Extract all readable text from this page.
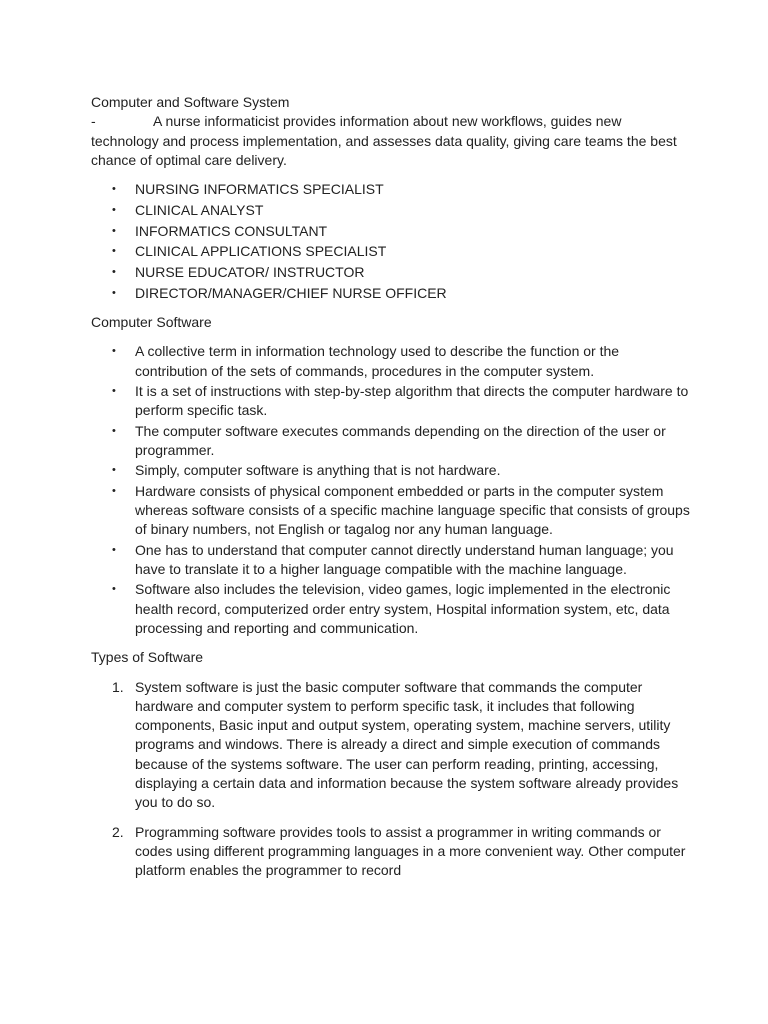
Computer and Software System

-	A nurse informaticist provides information about new workflows, guides new technology and process implementation, and assesses data quality, giving care teams the best chance of optimal care delivery.

• NURSING INFORMATICS SPECIALIST
• CLINICAL ANALYST
• INFORMATICS CONSULTANT
• CLINICAL APPLICATIONS SPECIALIST
• NURSE EDUCATOR/ INSTRUCTOR
• DIRECTOR/MANAGER/CHIEF NURSE OFFICER

Computer Software

• A collective term in information technology used to describe the function or the contribution of the sets of commands, procedures in the computer system.
• It is a set of instructions with step-by-step algorithm that directs the computer hardware to perform specific task.
• The computer software executes commands depending on the direction of the user or programmer.
• Simply, computer software is anything that is not hardware.
• Hardware consists of physical component embedded or parts in the computer system whereas software consists of a specific machine language specific that consists of groups of binary numbers, not English or tagalog nor any human language.
• One has to understand that computer cannot directly understand human language; you have to translate it to a higher language compatible with the machine language.
• Software also includes the television, video games, logic implemented in the electronic health record, computerized order entry system, Hospital information system, etc, data processing and reporting and communication.

Types of Software

1. System software is just the basic computer software that commands the computer hardware and computer system to perform specific task, it includes that following components, Basic input and output system, operating system, machine servers, utility programs and windows. There is already a direct and simple execution of commands because of the systems software. The user can perform reading, printing, accessing, displaying a certain data and information because the system software already provides you to do so.
2. Programming software provides tools to assist a programmer in writing commands or codes using different programming languages in a more convenient way. Other computer platform enables the programmer to record
